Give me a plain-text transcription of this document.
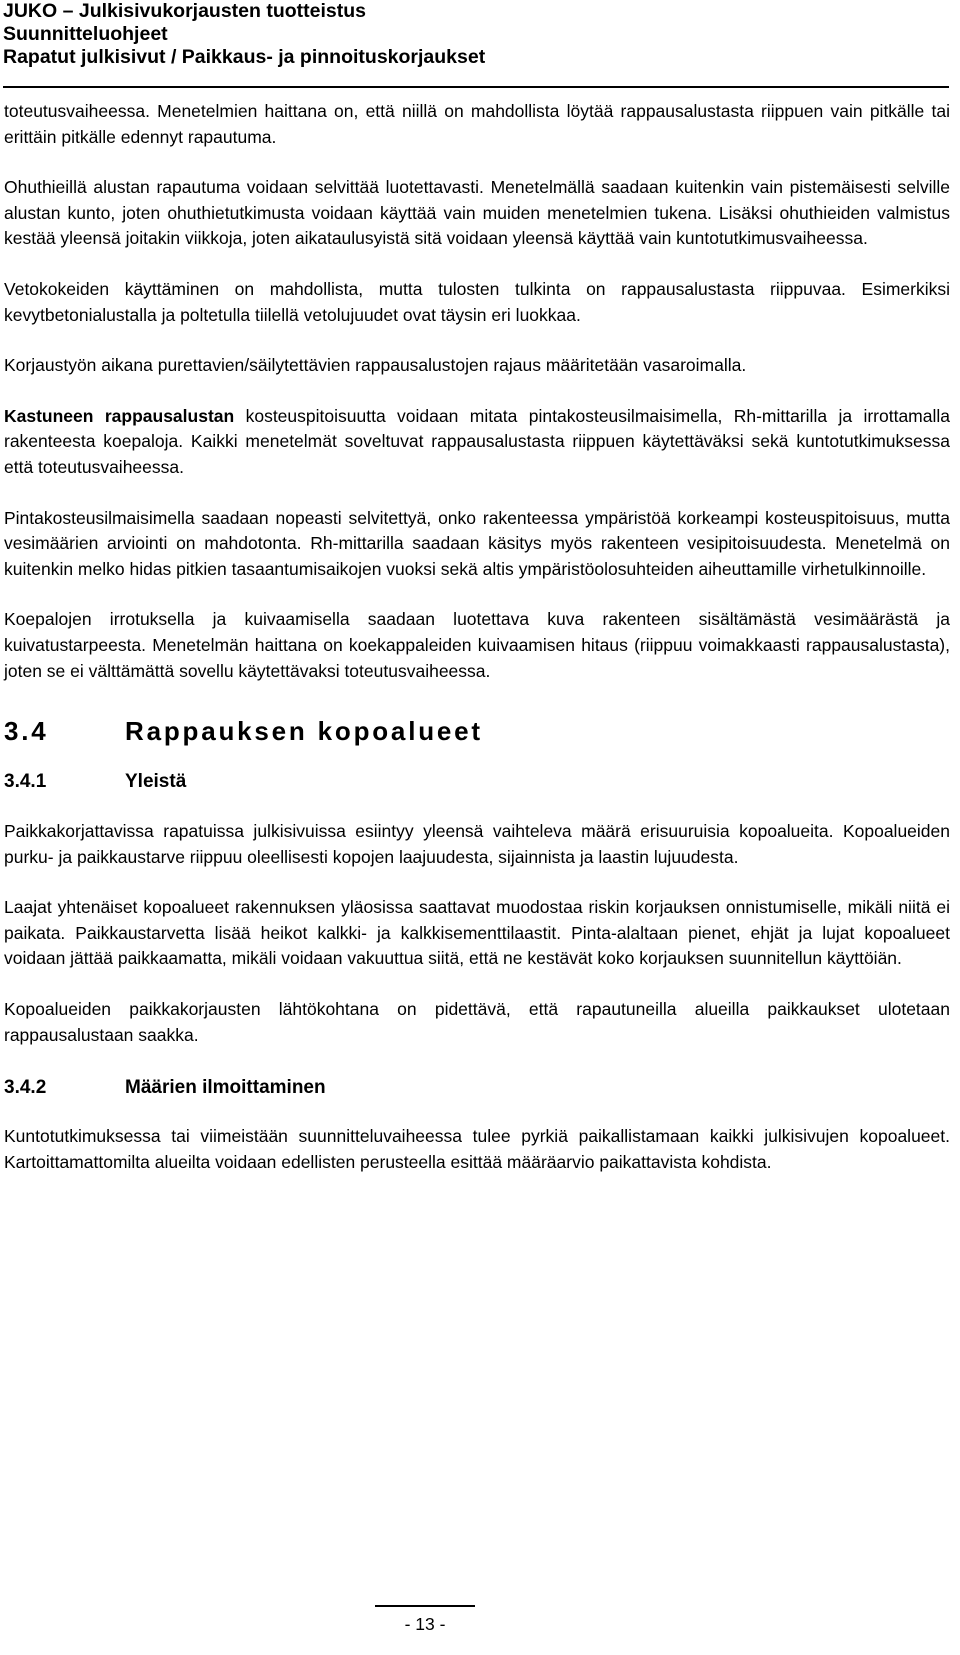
JUKO – Julkisivukorjausten tuotteistus
Suunnitteluohjeet
Rapatut julkisivut / Paikkaus- ja pinnoituskorjaukset

toteutusvaiheessa. Menetelmien haittana on, että niillä on mahdollista löytää rappausalustasta riippuen vain pitkälle tai erittäin pitkälle edennyt rapautuma.

Ohuthieillä alustan rapautuma voidaan selvittää luotettavasti. Menetelmällä saadaan kuitenkin vain pistemäisesti selville alustan kunto, joten ohuthietutkimusta voidaan käyttää vain muiden menetelmien tukena. Lisäksi ohuthieiden valmistus kestää yleensä joitakin viikkoja, joten aikataulusyistä sitä voidaan yleensä käyttää vain kuntotutkimusvaiheessa.

Vetokokeiden käyttäminen on mahdollista, mutta tulosten tulkinta on rappausalustasta riippuvaa. Esimerkiksi kevytbetonialustalla ja poltetulla tiilellä vetolujuudet ovat täysin eri luokkaa.

Korjaustyön aikana purettavien/säilytettävien rappausalustojen rajaus määritetään vasaroimalla.

Kastuneen rappausalustan kosteuspitoisuutta voidaan mitata pintakosteusilmaisimella, Rh-mittarilla ja irrottamalla rakenteesta koepaloja. Kaikki menetelmät soveltuvat rappausalustasta riippuen käytettäväksi sekä kuntotutkimuksessa että toteutusvaiheessa.

Pintakosteusilmaisimella saadaan nopeasti selvitettyä, onko rakenteessa ympäristöä korkeampi kosteuspitoisuus, mutta vesimäärien arviointi on mahdotonta. Rh-mittarilla saadaan käsitys myös rakenteen vesipitoisuudesta. Menetelmä on kuitenkin melko hidas pitkien tasaantumisaikojen vuoksi sekä altis ympäristöolosuhteiden aiheuttamille virhetulkinnoille.

Koepalojen irrotuksella ja kuivaamisella saadaan luotettava kuva rakenteen sisältämästä vesimäärästä ja kuivatustarpeesta. Menetelmän haittana on koekappaleiden kuivaamisen hitaus (riippuu voimakkaasti rappausalustasta), joten se ei välttämättä sovellu käytettävaksi toteutusvaiheessa.

3.4	Rappauksen kopoalueet
3.4.1	Yleistä

Paikkakorjattavissa rapatuissa julkisivuissa esiintyy yleensä vaihteleva määrä erisuuruisia kopoalueita. Kopoalueiden purku- ja paikkaustarve riippuu oleellisesti kopojen laajuudesta, sijainnista ja laastin lujuudesta.

Laajat yhtenäiset kopoalueet rakennuksen yläosissa saattavat muodostaa riskin korjauksen onnistumiselle, mikäli niitä ei paikata. Paikkaustarvetta lisää heikot kalkki- ja kalkkisementtilaastit. Pinta-alaltaan pienet, ehjät ja lujat kopoalueet voidaan jättää paikkaamatta, mikäli voidaan vakuuttua siitä, että ne kestävät koko korjauksen suunnitellun käyttöiän.

Kopoalueiden paikkakorjausten lähtökohtana on pidettävä, että rapautuneilla alueilla paikkaukset ulotetaan rappausalustaan saakka.

3.4.2	Määrien ilmoittaminen

Kuntotutkimuksessa tai viimeistään suunnitteluvaiheessa tulee pyrkiä paikallistamaan kaikki julkisivujen kopoalueet. Kartoittamattomilta alueilta voidaan edellisten perusteella esittää määräarvio paikattavista kohdista.

- 13 -
